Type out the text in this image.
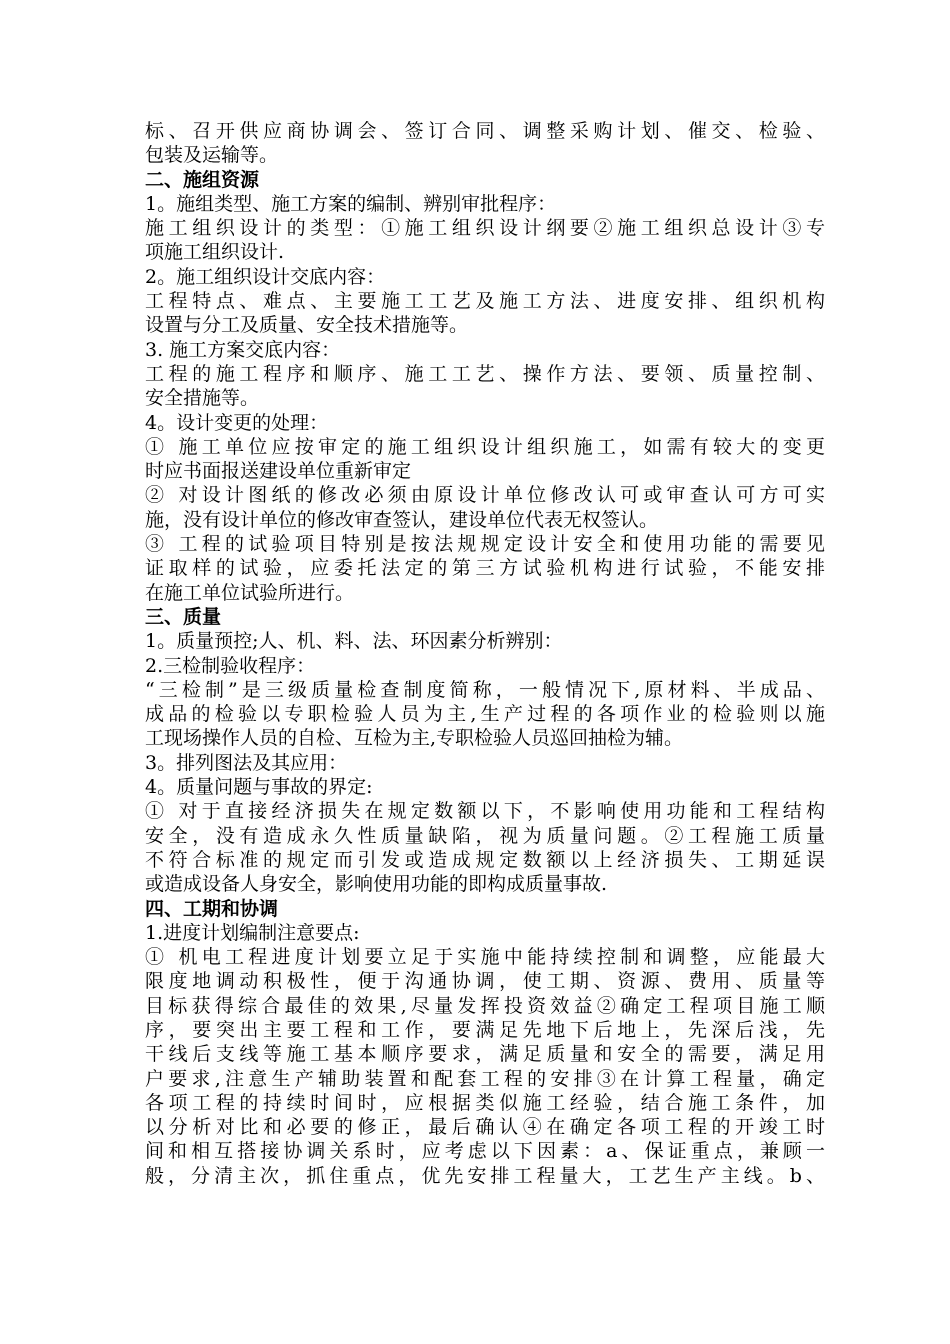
标、召开供应商协调会、签订合同、调整采购计划、催交、检验、
包装及运输等。
二、施组资源
1。施组类型、施工方案的编制、辨别审批程序：
施工组织设计的类型：①施工组织设计纲要②施工组织总设计③专
项施工组织设计.
2。施工组织设计交底内容：
工程特点、难点、主要施工工艺及施工方法、进度安排、组织机构
设置与分工及质量、安全技术措施等。
3. 施工方案交底内容：
工程的施工程序和顺序、施工工艺、操作方法、要领、质量控制、
安全措施等。
4。设计变更的处理：
① 施工单位应按审定的施工组织设计组织施工，如需有较大的变更
时应书面报送建设单位重新审定
② 对设计图纸的修改必须由原设计单位修改认可或审查认可方可实
施，没有设计单位的修改审查签认，建设单位代表无权签认。
③ 工程的试验项目特别是按法规规定设计安全和使用功能的需要见
证取样的试验，应委托法定的第三方试验机构进行试验，不能安排
在施工单位试验所进行。
三、质量
1。质量预控;人、机、料、法、环因素分析辨别：
2.三检制验收程序：
“三检制”是三级质量检查制度简称，一般情况下,原材料、半成品、
成品的检验以专职检验人员为主,生产过程的各项作业的检验则以施
工现场操作人员的自检、互检为主,专职检验人员巡回抽检为辅。
3。排列图法及其应用：
4。质量问题与事故的界定:
① 对于直接经济损失在规定数额以下，不影响使用功能和工程结构
安全，没有造成永久性质量缺陷，视为质量问题。②工程施工质量
不符合标准的规定而引发或造成规定数额以上经济损失、工期延误
或造成设备人身安全，影响使用功能的即构成质量事故.
四、工期和协调
1.进度计划编制注意要点:
① 机电工程进度计划要立足于实施中能持续控制和调整，应能最大
限度地调动积极性，便于沟通协调，使工期、资源、费用、质量等
目标获得综合最佳的效果,尽量发挥投资效益②确定工程项目施工顺
序，要突出主要工程和工作，要满足先地下后地上，先深后浅，先
干线后支线等施工基本顺序要求，满足质量和安全的需要，满足用
户要求,注意生产辅助装置和配套工程的安排③在计算工程量，确定
各项工程的持续时间时，应根据类似施工经验，结合施工条件，加
以分析对比和必要的修正，最后确认④在确定各项工程的开竣工时
间和相互搭接协调关系时，应考虑以下因素：a、保证重点，兼顾一
般，分清主次，抓住重点，优先安排工程量大，工艺生产主线。b、
